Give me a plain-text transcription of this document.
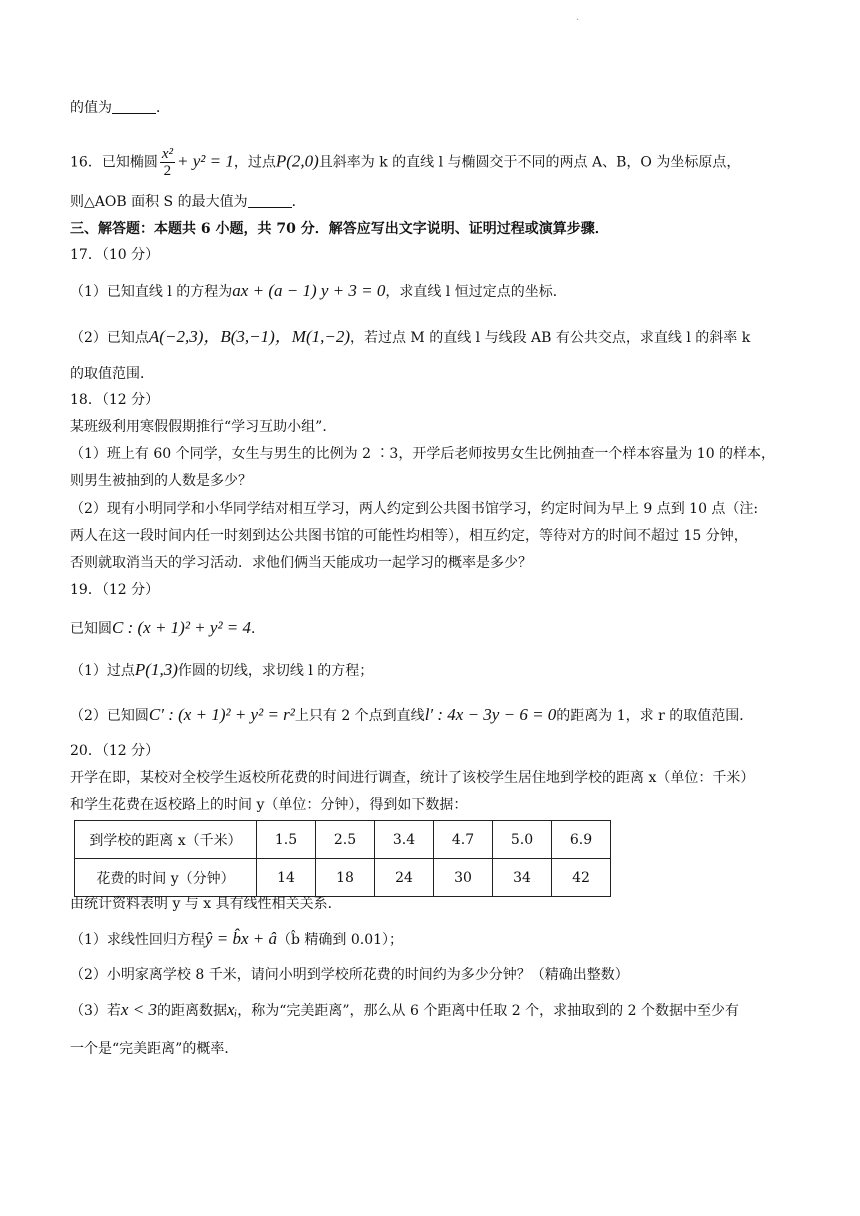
.
的值为	．
16．已知椭圆 $\frac{\text{x²}}{2} + y^2 = 1$，过点P(2,0)且斜率为 k 的直线 l 与椭圆交于不同的两点 A、B，O 为坐标原点，
则△AOB 面积 S 的最大值为	．
三、解答题：本题共 6 小题，共 70 分．解答应写出文字说明、证明过程或演算步骤．
17．（10 分）
（1）已知直线 l 的方程为ax + (a − 1) y + 3 = 0，求直线 l 恒过定点的坐标．
（2）已知点A(−2,3)，B(3,−1)，M(1,−2)，若过点 M 的直线 l 与线段 AB 有公共交点，求直线 l 的斜率 k
的取值范围．
18．（12 分）
某班级利用寒假假期推行“学习互助小组”．
（1）班上有 60 个同学，女生与男生的比例为 2 ∶3，开学后老师按男女生比例抽查一个样本容量为 10 的样本，
则男生被抽到的人数是多少？
（2）现有小明同学和小华同学结对相互学习，两人约定到公共图书馆学习，约定时间为早上 9 点到 10 点（注:
两人在这一段时间内任一时刻到达公共图书馆的可能性均相等），相互约定，等待对方的时间不超过 15 分钟，
否则就取消当天的学习活动．求他们俩当天能成功一起学习的概率是多少？
19．（12 分）
已知圆C : (x + 1)² + y² = 4．
（1）过点P(1,3)作圆的切线，求切线 l 的方程；
（2）已知圆C′ : (x + 1)² + y² = r²上只有 2 个点到直线l′ : 4x − 3y − 6 = 0的距离为 1，求 r 的取值范围．
20．（12 分）
开学在即，某校对全校学生返校所花费的时间进行调查，统计了该校学生居住地到学校的距离 x（单位：千米）
和学生花费在返校路上的时间 y（单位：分钟），得到如下数据：
到学校的距离 x（千米）	1.5	2.5	3.4	4.7	5.0	6.9
花费的时间 y（分钟）	14	18	24	30	34	42
由统计资料表明 y 与 x 具有线性相关关系．
（1）求线性回归方程ŷ = b̂x + â（b̂ 精确到 0.01）；
（2）小明家离学校 8 千米，请问小明到学校所花费的时间约为多少分钟？（精确出整数）
（3）若x < 3的距离数据xᵢ，称为“完美距离”，那么从 6 个距离中任取 2 个，求抽取到的 2 个数据中至少有
一个是“完美距离”的概率．
